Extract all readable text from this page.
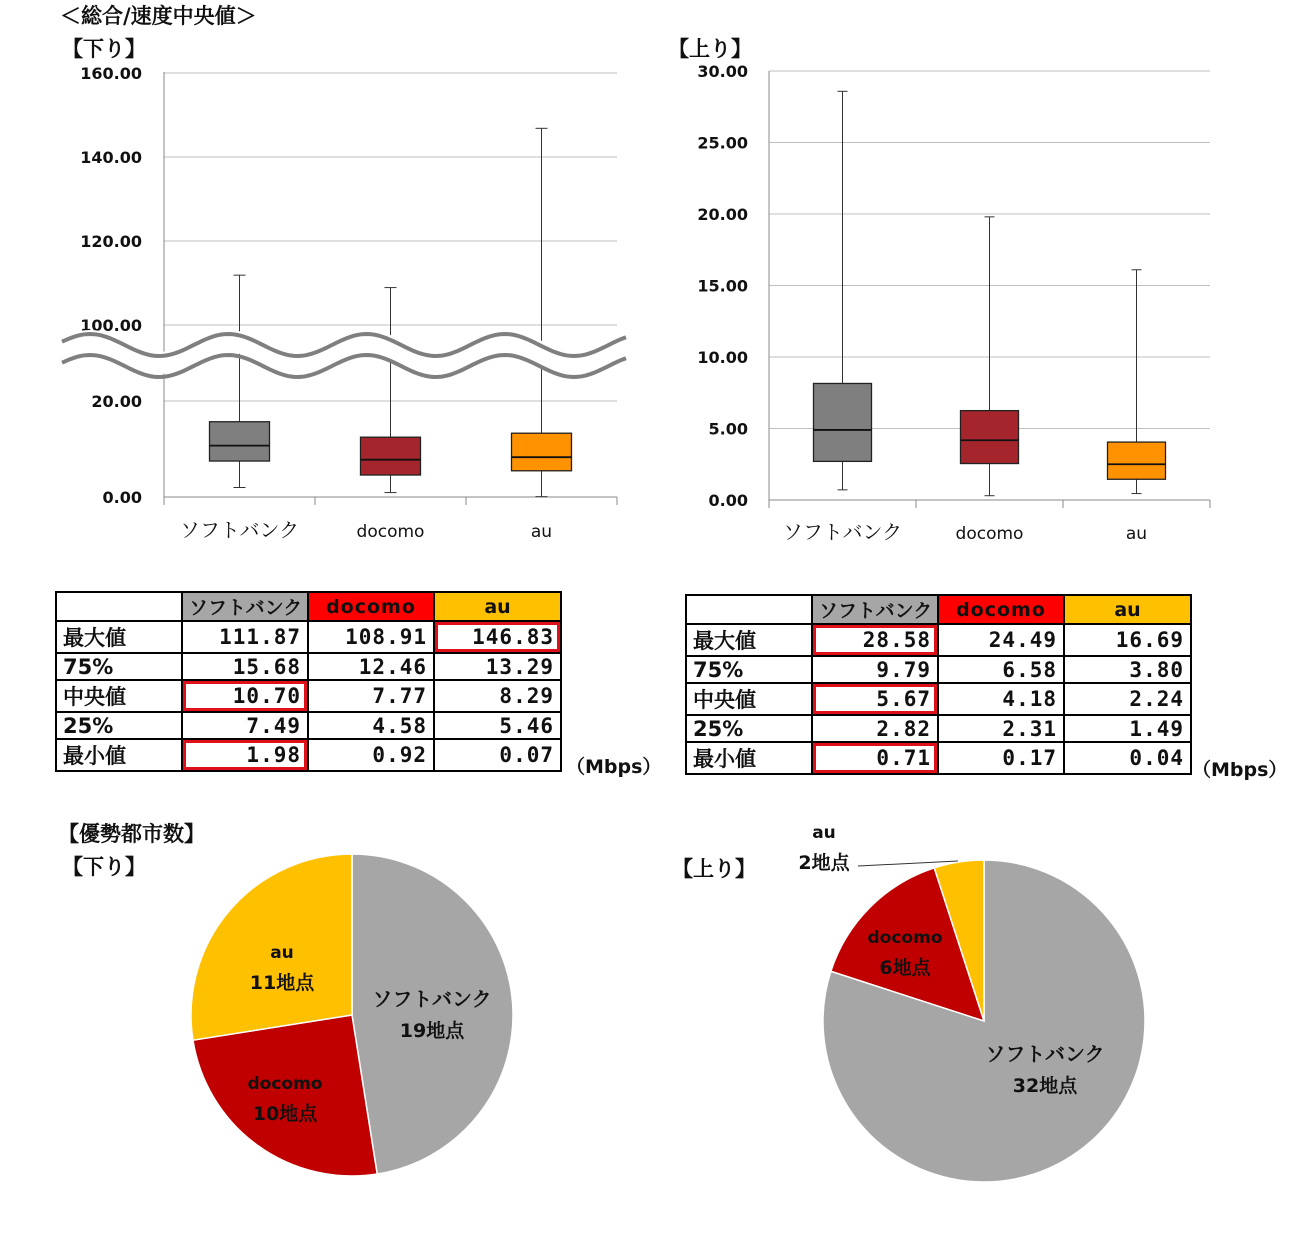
＜総合/速度中央値＞
【下り】	【上り】
0.00
20.00
100.00
120.00
140.00
160.00
ソフトバンク	docomo	au
0.00
5.00
10.00
15.00
20.00
25.00
30.00
ソフトバンク	docomo	au
	ソフトバンク	docomo	au
最大値	111.87	108.91	146.83
75%	15.68	12.46	13.29
中央値	10.70	7.77	8.29
25%	7.49	4.58	5.46
最小値	1.98	0.92	0.07 （Mbps）
	ソフトバンク	docomo	au
最大値	28.58	24.49	16.69
75%	9.79	6.58	3.80
中央値	5.67	4.18	2.24
25%	2.82	2.31	1.49
最小値	0.71	0.17	0.04 （Mbps）
【優勢都市数】
【下り】	【上り】
ソフトバンク
19地点
docomo
10地点
au
11地点
ソフトバンク
32地点
docomo
6地点
au
2地点
